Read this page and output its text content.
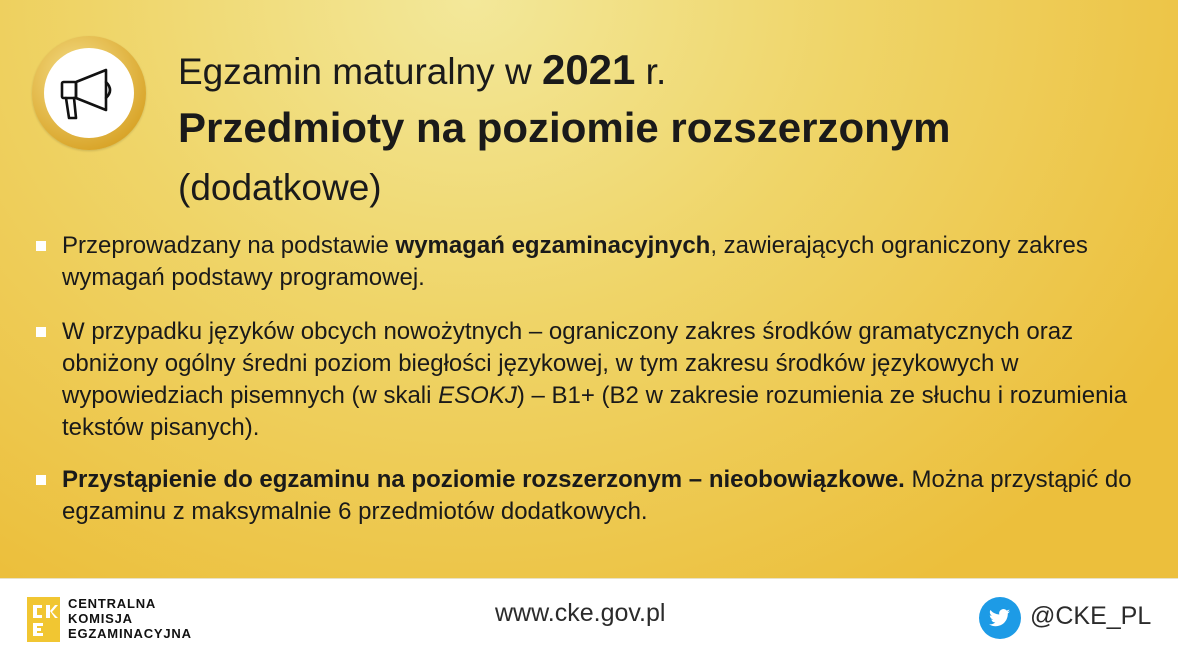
Egzamin maturalny w 2021 r.
Przedmioty na poziomie rozszerzonym
(dodatkowe)
Przeprowadzany na podstawie wymagań egzaminacyjnych, zawierających ograniczony zakres wymagań podstawy programowej.
W przypadku języków obcych nowożytnych – ograniczony zakres środków gramatycznych oraz obniżony ogólny średni poziom biegłości językowej, w tym zakresu środków językowych w wypowiedziach pisemnych (w skali ESOKJ) – B1+ (B2 w zakresie rozumienia ze słuchu i rozumienia tekstów pisanych).
Przystąpienie do egzaminu na poziomie rozszerzonym – nieobowiązkowe. Można przystąpić do egzaminu z maksymalnie 6 przedmiotów dodatkowych.
CENTRALNA
KOMISJA
EGZAMINACYJNA
www.cke.gov.pl	@CKE_PL
